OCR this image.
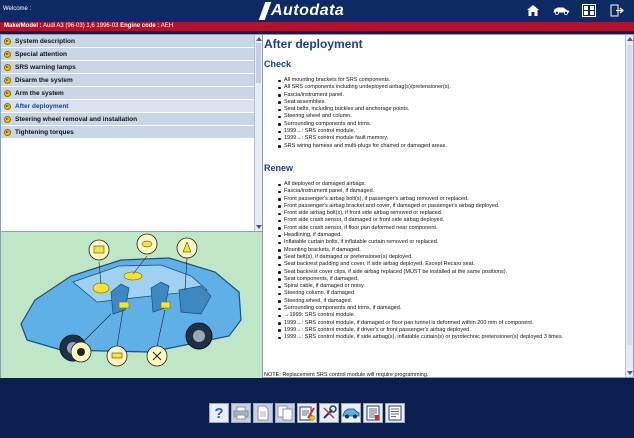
Welcome :	Autodata
Make/Model : Audi A3 (96-03) 1,6 1996-03 Engine code : AEH
System description
Special attention
SRS warning lamps
Disarm the system
Arm the system
After deployment
Steering wheel removal and installation
Tightening torques
After deployment
Check
All mounting brackets for SRS components.
All SRS components including undeployed airbag(s)/pretensioner(s).
Fascia/instrument panel.
Seat assemblies.
Seat belts, including buckles and anchorage points.
Steering wheel and column.
Surrounding components and trims.
1999→: SRS control module.
1999→: SRS control module fault memory.
SRS wiring harness and multi-plugs for charred or damaged areas.
Renew
All deployed or damaged airbags.
Fascia/instrument panel, if damaged.
Front passenger's airbag bolt(s), if passenger's airbag removed or replaced.
Front passenger's airbag bracket and cover, if damaged or passenger's airbag deployed.
Front side airbag bolt(s), if front side airbag removed or replaced.
Front side crash sensor, if damaged or front side airbag deployed.
Front side crash sensor, if floor pan deformed near component.
Headlining, if damaged.
Inflatable curtain bolts, if inflatable curtain removed or replaced.
Mounting brackets, if damaged.
Seat belt(s), if damaged or pretensioner(s) deployed.
Seat backrest padding and cover, if side airbag deployed. Except Recaro seat.
Seat backrest cover clips, if side airbag replaced (MUST be installed at the same positions).
Seat components, if damaged.
Spiral cable, if damaged or noisy.
Steering column, if damaged.
Steering wheel, if damaged.
Surrounding components and trims, if damaged.
→1999: SRS control module.
1999→: SRS control module, if damaged or floor pan tunnel is deformed within 200 mm of component.
1999→: SRS control module, if driver's or front passenger's airbag deployed.
1999→: SRS control module, if side airbag(s), inflatable curtain(s) or pyrotechnic pretensioner(s) deployed 3 times.
NOTE: Replacement SRS control module will require programming.
?
